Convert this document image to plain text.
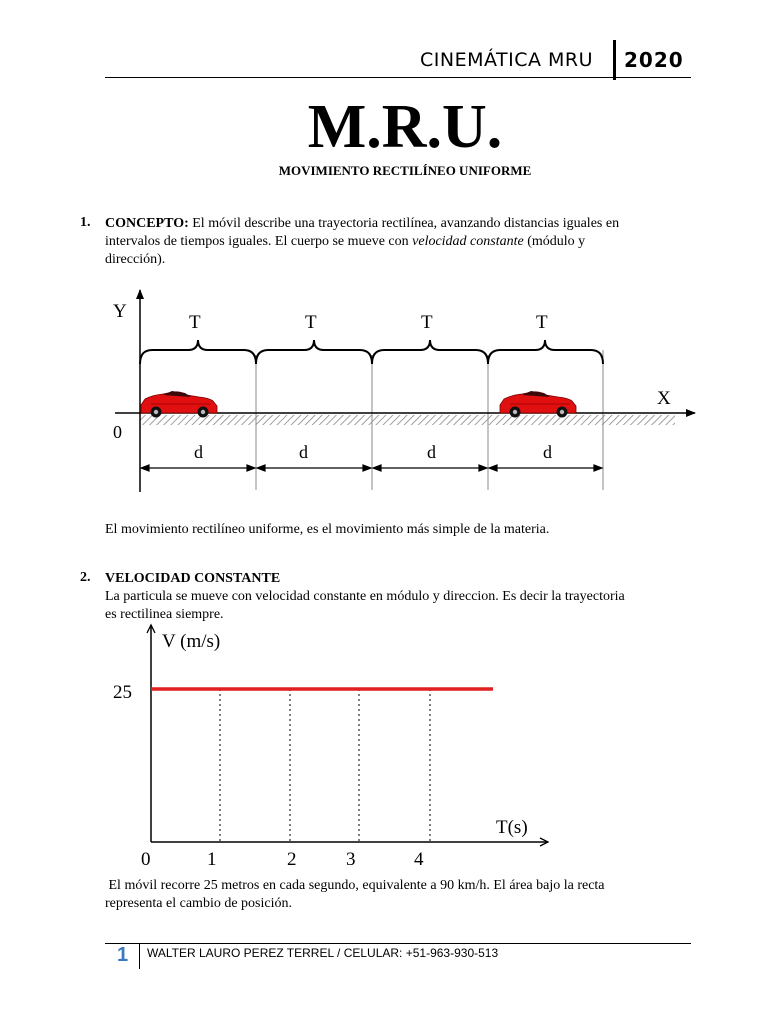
CINEMÁTICA MRU 2020
M.R.U.
MOVIMIENTO RECTILÍNEO UNIFORME
1. CONCEPTO: El móvil describe una trayectoria rectilínea, avanzando distancias iguales en
intervalos de tiempos iguales. El cuerpo se mueve con velocidad constante (módulo y
dirección).
Y
X
0
T	T	T	T
d	d	d	d
El movimiento rectilíneo uniforme, es el movimiento más simple de la materia.
2. VELOCIDAD CONSTANTE
La particula se mueve con velocidad constante en módulo y direccion. Es decir la trayectoria
es rectilinea siempre.
0	1	2	3	4
V (m/s)
T(s)
25
El móvil recorre 25 metros en cada segundo, equivalente a 90 km/h. El área bajo la recta
representa el cambio de posición.
1 WALTER LAURO PEREZ TERREL / CELULAR: +51-963-930-513
